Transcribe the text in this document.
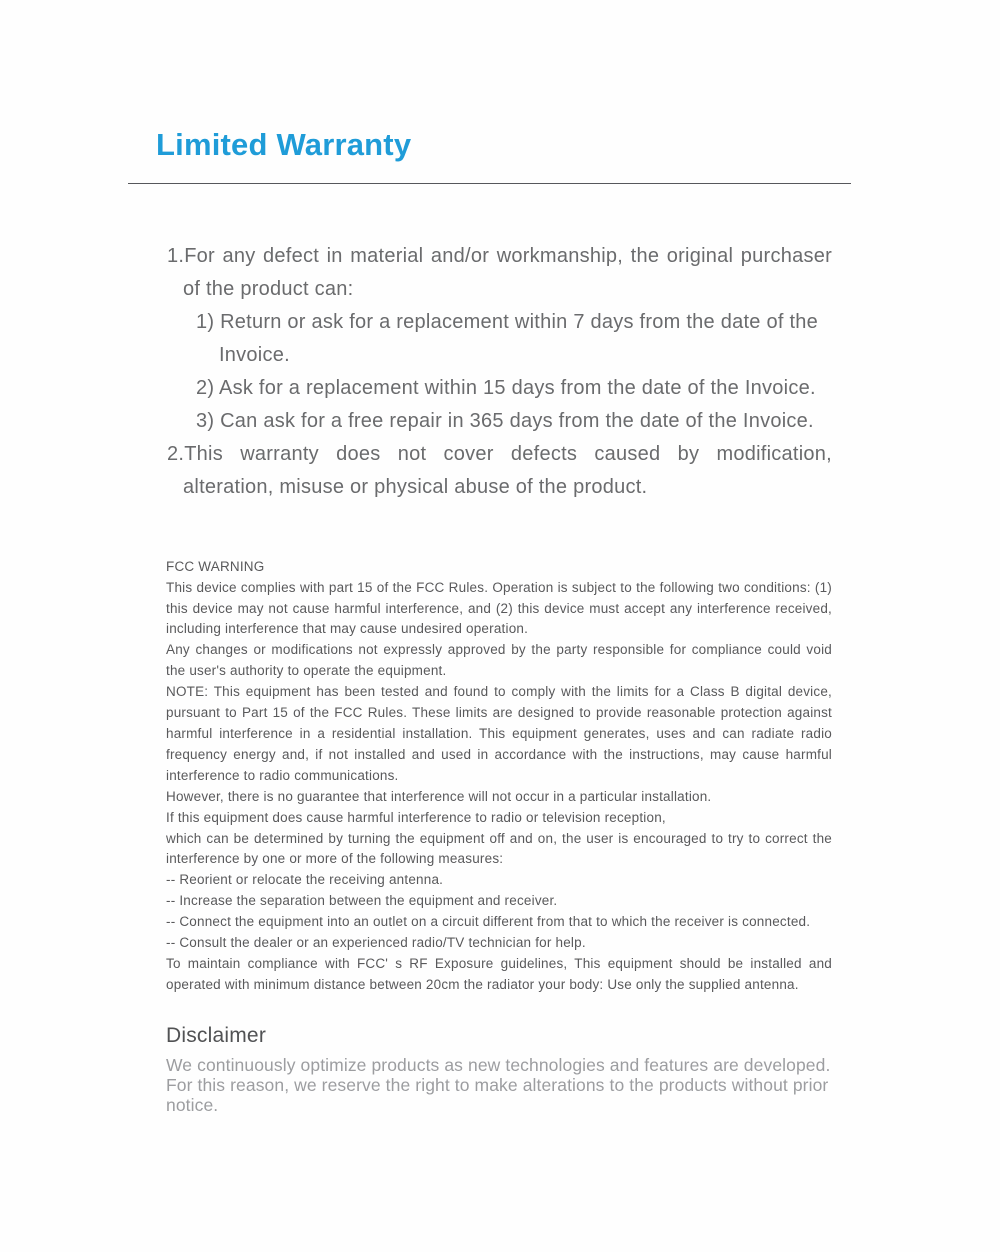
Limited Warranty
1.For any defect in material and/or workmanship, the original purchaser of the product can:
1) Return or ask for a replacement within 7 days from the date of the Invoice.
2) Ask for a replacement within 15 days from the date of the Invoice.
3) Can ask for a free repair in 365 days from the date of the Invoice.
2.This warranty does not cover defects caused by modification, alteration, misuse or physical abuse of the product.
FCC WARNING
This device complies with part 15 of the FCC Rules. Operation is subject to the following two conditions: (1) this device may not cause harmful interference, and (2) this device must accept any interference received, including interference that may cause undesired operation.
Any changes or modifications not expressly approved by the party responsible for compliance could void the user's authority to operate the equipment.
NOTE: This equipment has been tested and found to comply with the limits for a Class B digital device, pursuant to Part 15 of the FCC Rules. These limits are designed to provide reasonable protection against harmful interference in a residential installation. This equipment generates, uses and can radiate radio frequency energy and, if not installed and used in accordance with the instructions, may cause harmful interference to radio communications.
However, there is no guarantee that interference will not occur in a particular installation.
If this equipment does cause harmful interference to radio or television reception,
which can be determined by turning the equipment off and on, the user is encouraged to try to correct the interference by one or more of the following measures:
-- Reorient or relocate the receiving antenna.
-- Increase the separation between the equipment and receiver.
-- Connect the equipment into an outlet on a circuit different from that to which the receiver is connected.
-- Consult the dealer or an experienced radio/TV technician for help.
To maintain compliance with FCC' s RF Exposure guidelines, This equipment should be installed and operated with minimum distance between 20cm the radiator your body: Use only the supplied antenna.
Disclaimer
We continuously optimize products as new technologies and features are developed. For this reason, we reserve the right to make alterations to the products without prior notice.
